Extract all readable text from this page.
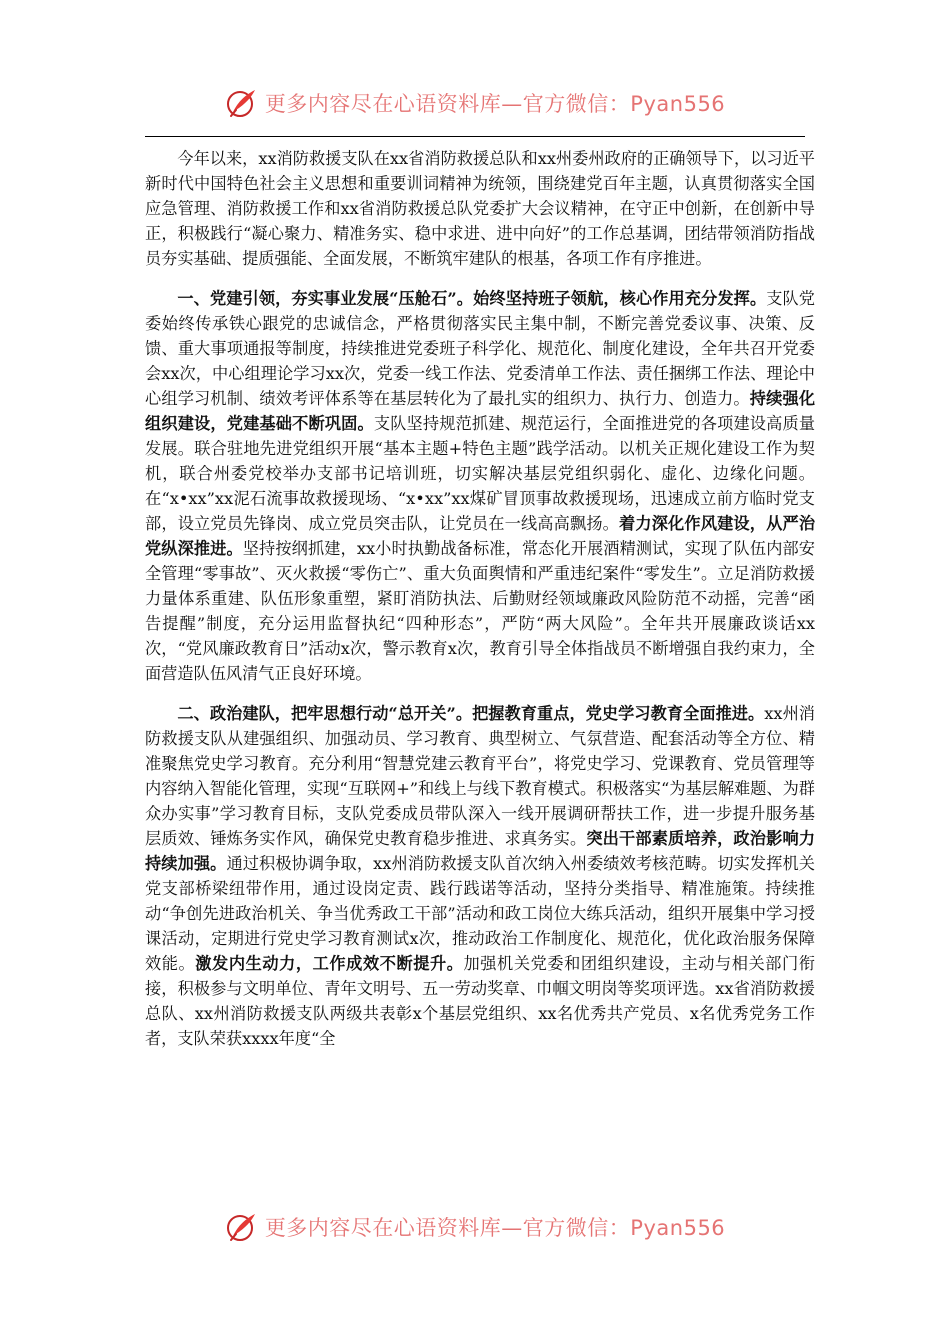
更多内容尽在心语资料库—官方微信：Pyan556

今年以来，xx消防救援支队在xx省消防救援总队和xx州委州政府的正确领导下，以习近平新时代中国特色社会主义思想和重要训词精神为统领，围绕建党百年主题，认真贯彻落实全国应急管理、消防救援工作和xx省消防救援总队党委扩大会议精神，在守正中创新，在创新中导正，积极践行“凝心聚力、精准务实、稳中求进、进中向好”的工作总基调，团结带领消防指战员夯实基础、提质强能、全面发展，不断筑牢建队的根基，各项工作有序推进。

一、党建引领，夯实事业发展“压舱石”。始终坚持班子领航，核心作用充分发挥。支队党委始终传承铁心跟党的忠诚信念，严格贯彻落实民主集中制，不断完善党委议事、决策、反馈、重大事项通报等制度，持续推进党委班子科学化、规范化、制度化建设，全年共召开党委会xx次，中心组理论学习xx次，党委一线工作法、党委清单工作法、责任捆绑工作法、理论中心组学习机制、绩效考评体系等在基层转化为了最扎实的组织力、执行力、创造力。持续强化组织建设，党建基础不断巩固。支队坚持规范抓建、规范运行，全面推进党的各项建设高质量发展。联合驻地先进党组织开展“基本主题+特色主题”践学活动。以机关正规化建设工作为契机，联合州委党校举办支部书记培训班，切实解决基层党组织弱化、虚化、边缘化问题。在“x•xx”xx泥石流事故救援现场、“x•xx”xx煤矿冒顶事故救援现场，迅速成立前方临时党支部，设立党员先锋岗、成立党员突击队，让党员在一线高高飘扬。着力深化作风建设，从严治党纵深推进。坚持按纲抓建，xx小时执勤战备标准，常态化开展酒精测试，实现了队伍内部安全管理“零事故”、灭火救援“零伤亡”、重大负面舆情和严重违纪案件“零发生”。立足消防救援力量体系重建、队伍形象重塑，紧盯消防执法、后勤财经领域廉政风险防范不动摇，完善“函告提醒”制度，充分运用监督执纪“四种形态”，严防“两大风险”。全年共开展廉政谈话xx次，“党风廉政教育日”活动x次，警示教育x次，教育引导全体指战员不断增强自我约束力，全面营造队伍风清气正良好环境。

二、政治建队，把牢思想行动“总开关”。把握教育重点，党史学习教育全面推进。xx州消防救援支队从建强组织、加强动员、学习教育、典型树立、气氛营造、配套活动等全方位、精准聚焦党史学习教育。充分利用“智慧党建云教育平台”，将党史学习、党课教育、党员管理等内容纳入智能化管理，实现“互联网+”和线上与线下教育模式。积极落实“为基层解难题、为群众办实事”学习教育目标，支队党委成员带队深入一线开展调研帮扶工作，进一步提升服务基层质效、锤炼务实作风，确保党史教育稳步推进、求真务实。突出干部素质培养，政治影响力持续加强。通过积极协调争取，xx州消防救援支队首次纳入州委绩效考核范畴。切实发挥机关党支部桥梁纽带作用，通过设岗定责、践行践诺等活动，坚持分类指导、精准施策。持续推动“争创先进政治机关、争当优秀政工干部”活动和政工岗位大练兵活动，组织开展集中学习授课活动，定期进行党史学习教育测试x次，推动政治工作制度化、规范化，优化政治服务保障效能。激发内生动力，工作成效不断提升。加强机关党委和团组织建设，主动与相关部门衔接，积极参与文明单位、青年文明号、五一劳动奖章、巾帼文明岗等奖项评选。xx省消防救援总队、xx州消防救援支队两级共表彰x个基层党组织、xx名优秀共产党员、x名优秀党务工作者，支队荣获xxxx年度“全

更多内容尽在心语资料库—官方微信：Pyan556
